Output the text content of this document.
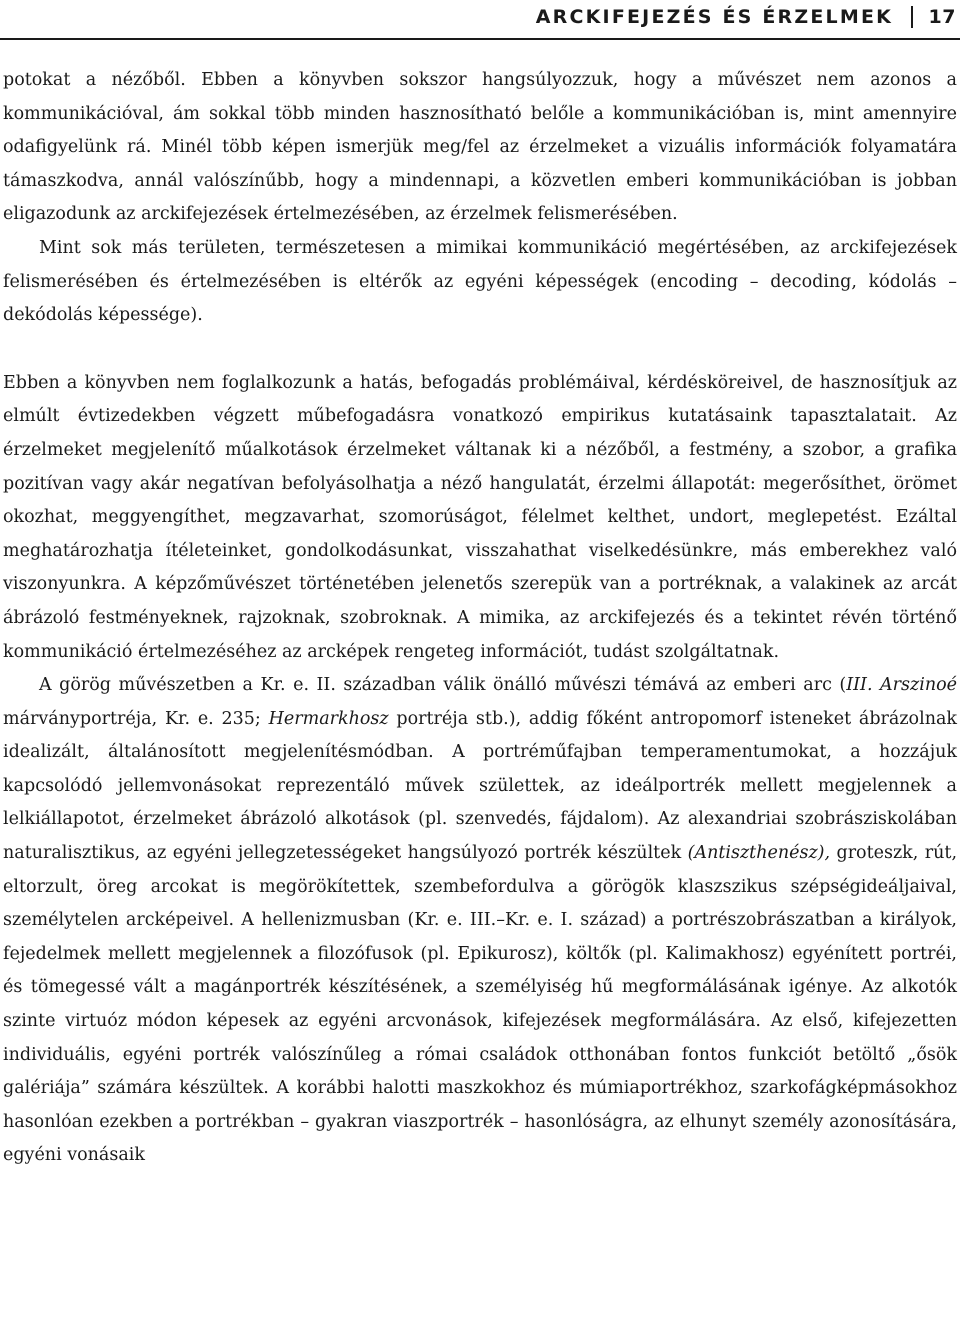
ARCKIFEJEZÉS ÉS ÉRZELMEK 17

potokat a nézőből. Ebben a könyvben sokszor hangsúlyozzuk, hogy a művészet nem azonos a kommunikációval, ám sokkal több minden hasznosítható belőle a kommunikációban is, mint amennyire odafigyelünk rá. Minél több képen ismerjük meg/fel az érzelmeket a vizuális információk folyamatára támaszkodva, annál valószínűbb, hogy a mindennapi, a közvetlen emberi kommunikációban is jobban eligazodunk az arckifejezések értelmezésében, az érzelmek felismerésében.

Mint sok más területen, természetesen a mimikai kommunikáció megértésében, az arckifejezések felismerésében és értelmezésében is eltérők az egyéni képességek (encoding – decoding, kódolás – dekódolás képessége).

Ebben a könyvben nem foglalkozunk a hatás, befogadás problémáival, kérdésköreivel, de hasznosítjuk az elmúlt évtizedekben végzett műbefogadásra vonatkozó empirikus kutatásaink tapasztalatait. Az érzelmeket megjelenítő műalkotások érzelmeket váltanak ki a nézőből, a festmény, a szobor, a grafika pozitívan vagy akár negatívan befolyásolhatja a néző hangulatát, érzelmi állapotát: megerősíthet, örömet okozhat, meggyengíthet, megzavarhat, szomorúságot, félelmet kelthet, undort, meglepetést. Ezáltal meghatározhatja ítéleteinket, gondolkodásunkat, visszahathat viselkedésünkre, más emberekhez való viszonyunkra. A képzőművészet történetében jelenetős szerepük van a portréknak, a valakinek az arcát ábrázoló festményeknek, rajzoknak, szobroknak. A mimika, az arckifejezés és a tekintet révén történő kommunikáció értelmezéséhez az arcképek rengeteg információt, tudást szolgáltatnak.

A görög művészetben a Kr. e. II. században válik önálló művészi témává az emberi arc (III. Arszinoé márványportréja, Kr. e. 235; Hermarkhosz portréja stb.), addig főként antropomorf isteneket ábrázolnak idealizált, általánosított megjelenítésmódban. A portréműfajban temperamentumokat, a hozzájuk kapcsolódó jellemvonásokat reprezentáló művek születtek, az ideálportrék mellett megjelennek a lelkiállapotot, érzelmeket ábrázoló alkotások (pl. szenvedés, fájdalom). Az alexandriai szobrásziskolában naturalisztikus, az egyéni jellegzetességeket hangsúlyozó portrék készültek (Antiszthenész), groteszk, rút, eltorzult, öreg arcokat is megörökítettek, szembefordulva a görögök klaszszikus szépségideáljaival, személytelen arcképeivel. A hellenizmusban (Kr. e. III.–Kr. e. I. század) a portrészobrászatban a királyok, fejedelmek mellett megjelennek a filozófusok (pl. Epikurosz), költők (pl. Kalimakhosz) egyénített portréi, és tömegessé vált a magánportrék készítésének, a személyiség hű megformálásának igénye. Az alkotók szinte virtuóz módon képesek az egyéni arcvonások, kifejezések megformálására. Az első, kifejezetten individuális, egyéni portrék valószínűleg a római családok otthonában fontos funkciót betöltő „ősök galériája” számára készültek. A korábbi halotti maszkokhoz és múmiaportrékhoz, szarkofágképmásokhoz hasonlóan ezekben a portrékban – gyakran viaszportrék – hasonlóságra, az elhunyt személy azonosítására, egyéni vonásaik
